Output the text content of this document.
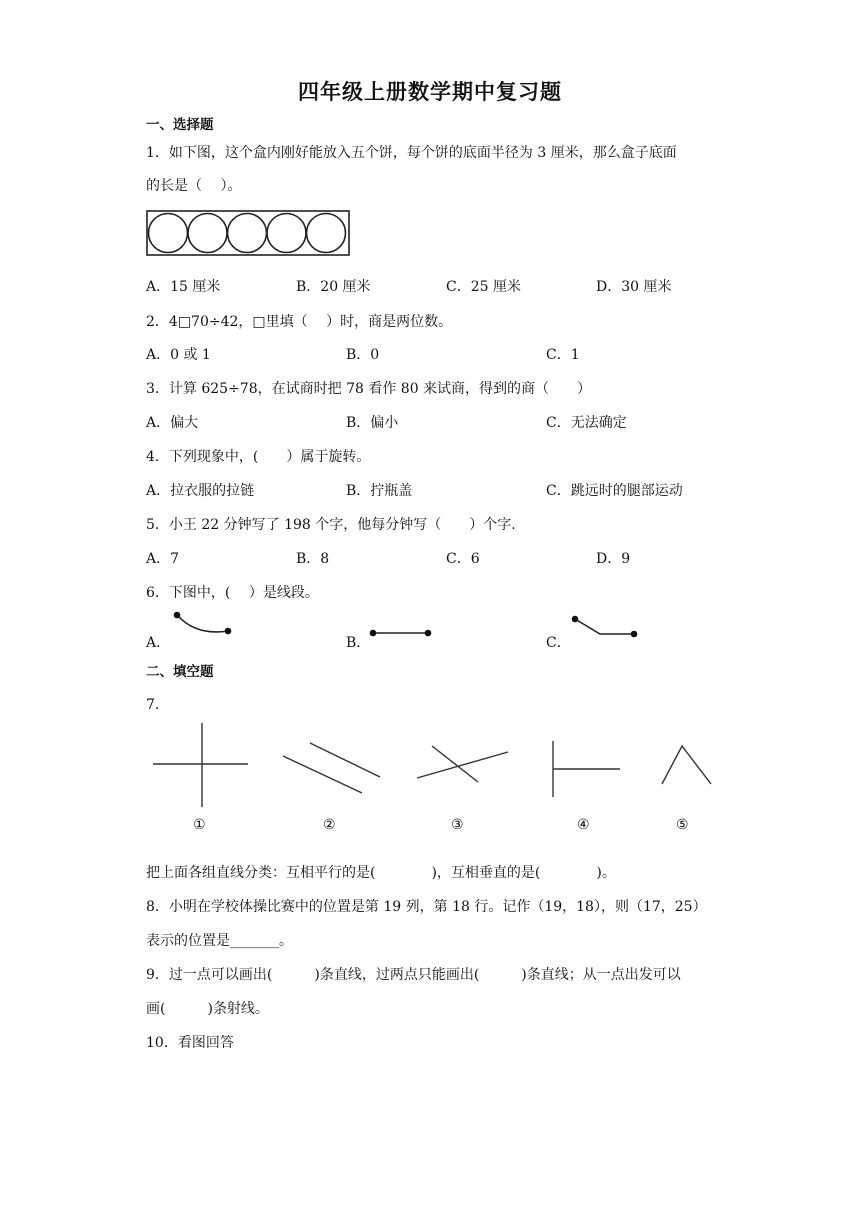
四年级上册数学期中复习题
一、选择题
1．如下图，这个盒内刚好能放入五个饼，每个饼的底面半径为 3 厘米，那么盒子底面
的长是（　 ）。
A．15 厘米	B．20 厘米	C．25 厘米	D．30 厘米
2．4□70÷42，□里填（　 ）时，商是两位数。
A．0 或 1	B．0	C．1
3．计算 625÷78，在试商时把 78 看作 80 来试商，得到的商（　　）
A．偏大	B．偏小	C．无法确定
4．下列现象中，(　　）属于旋转。
A．拉衣服的拉链	B．拧瓶盖	C．跳远时的腿部运动
5．小王 22 分钟写了 198 个字，他每分钟写（　　）个字.
A．7	B．8	C．6	D．9
6．下图中，(　 ）是线段。
A．	B．	C．
二、填空题
7．
①	②	③	④	⑤
把上面各组直线分类：互相平行的是(　　　　)，互相垂直的是(　　　　)。
8．小明在学校体操比赛中的位置是第 19 列，第 18 行。记作（19，18），则（17，25）
表示的位置是_______。
9．过一点可以画出(　　　)条直线，过两点只能画出(　　　)条直线；从一点出发可以
画(　　　)条射线。
10．看图回答
